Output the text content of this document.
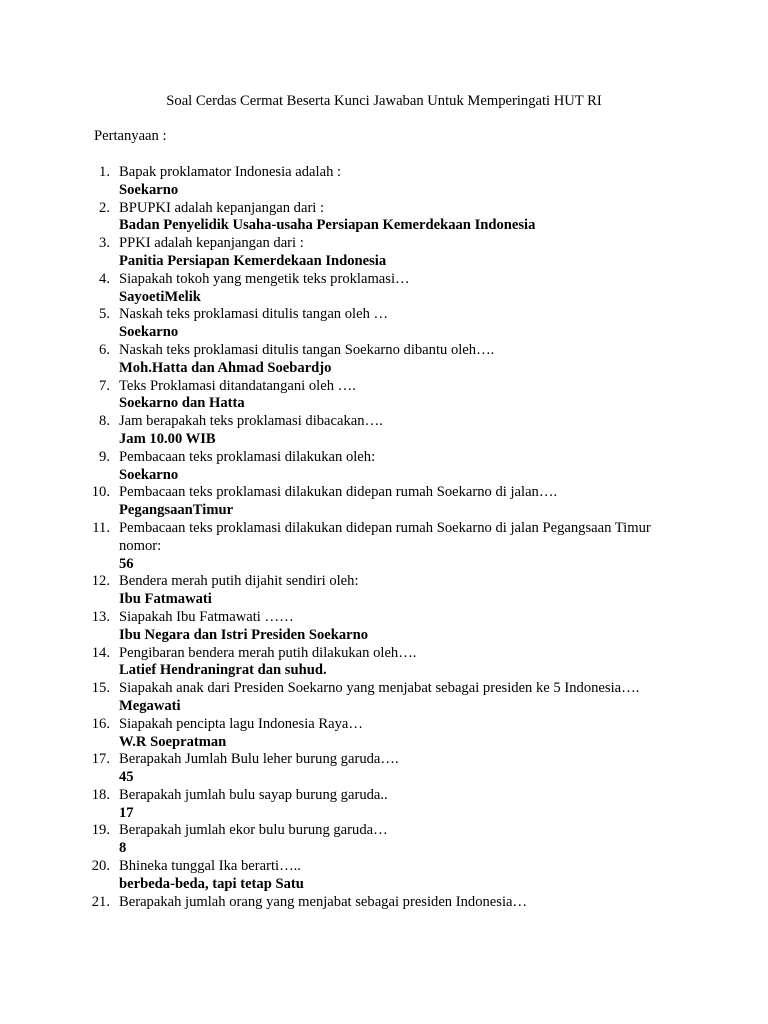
Soal Cerdas Cermat Beserta Kunci Jawaban Untuk Memperingati HUT RI

Pertanyaan :

1. Bapak proklamator Indonesia adalah :
Soekarno
2. BPUPKI adalah kepanjangan dari :
Badan Penyelidik Usaha-usaha Persiapan Kemerdekaan Indonesia
3. PPKI adalah kepanjangan dari :
Panitia Persiapan Kemerdekaan Indonesia
4. Siapakah tokoh yang mengetik teks proklamasi…
SayoetiMelik
5. Naskah teks proklamasi ditulis tangan oleh …
Soekarno
6. Naskah teks proklamasi ditulis tangan Soekarno dibantu oleh….
Moh.Hatta dan Ahmad Soebardjo
7. Teks Proklamasi ditandatangani oleh ….
Soekarno dan Hatta
8. Jam berapakah teks proklamasi dibacakan….
Jam 10.00 WIB
9. Pembacaan teks proklamasi dilakukan oleh:
Soekarno
10. Pembacaan teks proklamasi dilakukan didepan rumah Soekarno di jalan….
PegangsaanTimur
11. Pembacaan teks proklamasi dilakukan didepan rumah Soekarno di jalan Pegangsaan Timur nomor:
56
12. Bendera merah putih dijahit sendiri oleh:
Ibu Fatmawati
13. Siapakah Ibu Fatmawati ……
Ibu Negara dan Istri Presiden Soekarno
14. Pengibaran bendera merah putih dilakukan oleh….
Latief Hendraningrat dan suhud.
15. Siapakah anak dari Presiden Soekarno yang menjabat sebagai presiden ke 5 Indonesia….
Megawati
16. Siapakah pencipta lagu Indonesia Raya…
W.R Soepratman
17. Berapakah Jumlah Bulu leher burung garuda….
45
18. Berapakah jumlah bulu sayap burung garuda..
17
19. Berapakah jumlah ekor bulu burung garuda…
8
20. Bhineka tunggal Ika berarti…..
berbeda-beda, tapi tetap Satu
21. Berapakah jumlah orang yang menjabat sebagai presiden Indonesia…
